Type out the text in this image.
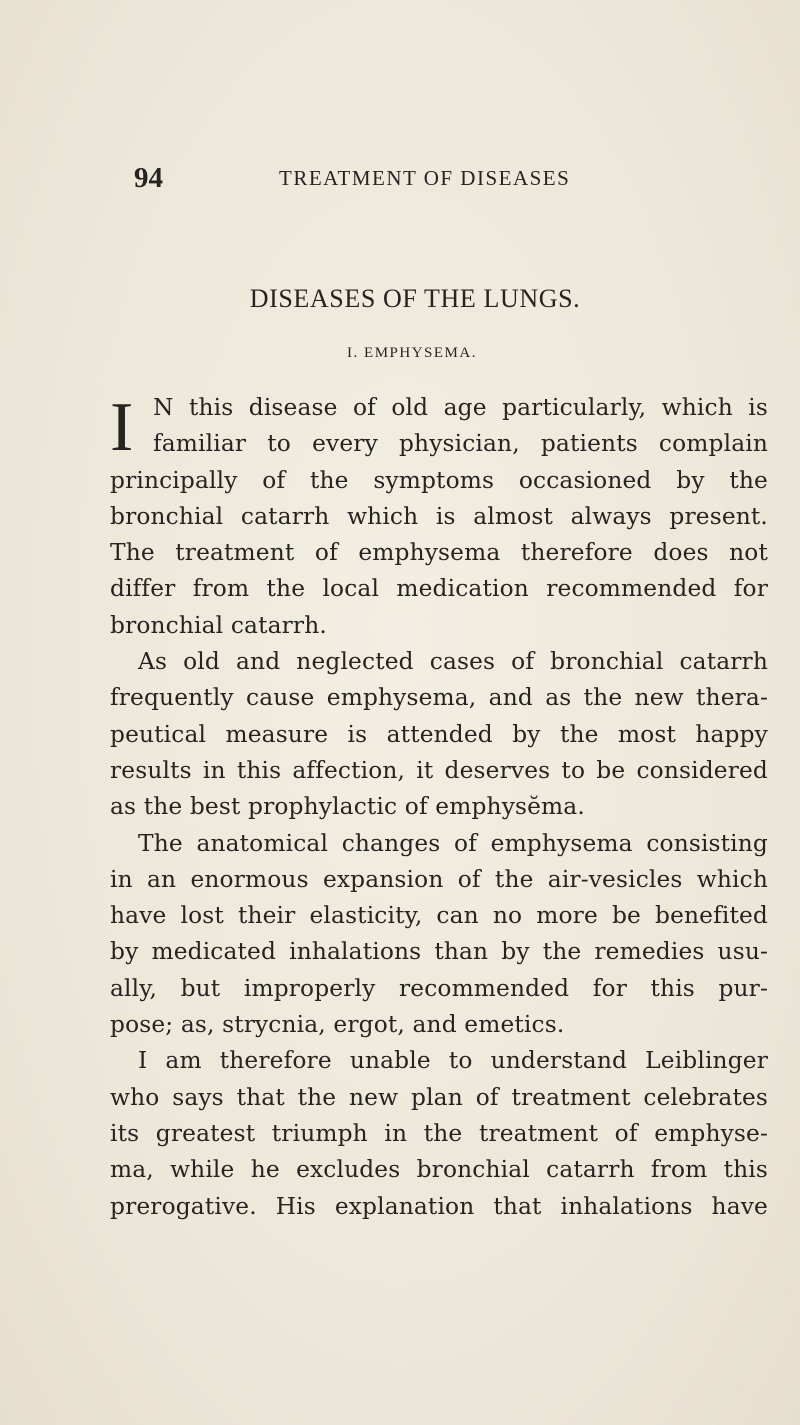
94	TREATMENT OF DISEASES
DISEASES OF THE LUNGS.
I. EMPHYSEMA.
I N this disease of old age particularly, which is
familiar to every physician, patients complain
principally of the symptoms occasioned by the
bronchial catarrh which is almost always present.
The treatment of emphysema therefore does not
differ from the local medication recommended for
bronchial catarrh.
As old and neglected cases of bronchial catarrh
frequently cause emphysema, and as the new thera-
peutical measure is attended by the most happy
results in this affection, it deserves to be considered
as the best prophylactic of emphysĕma.
The anatomical changes of emphysema consisting
in an enormous expansion of the air-vesicles which
have lost their elasticity, can no more be benefited
by medicated inhalations than by the remedies usu-
ally, but improperly recommended for this pur-
pose; as, strycnia, ergot, and emetics.
I am therefore unable to understand Leiblinger
who says that the new plan of treatment celebrates
its greatest triumph in the treatment of emphyse-
ma, while he excludes bronchial catarrh from this
prerogative. His explanation that inhalations have
